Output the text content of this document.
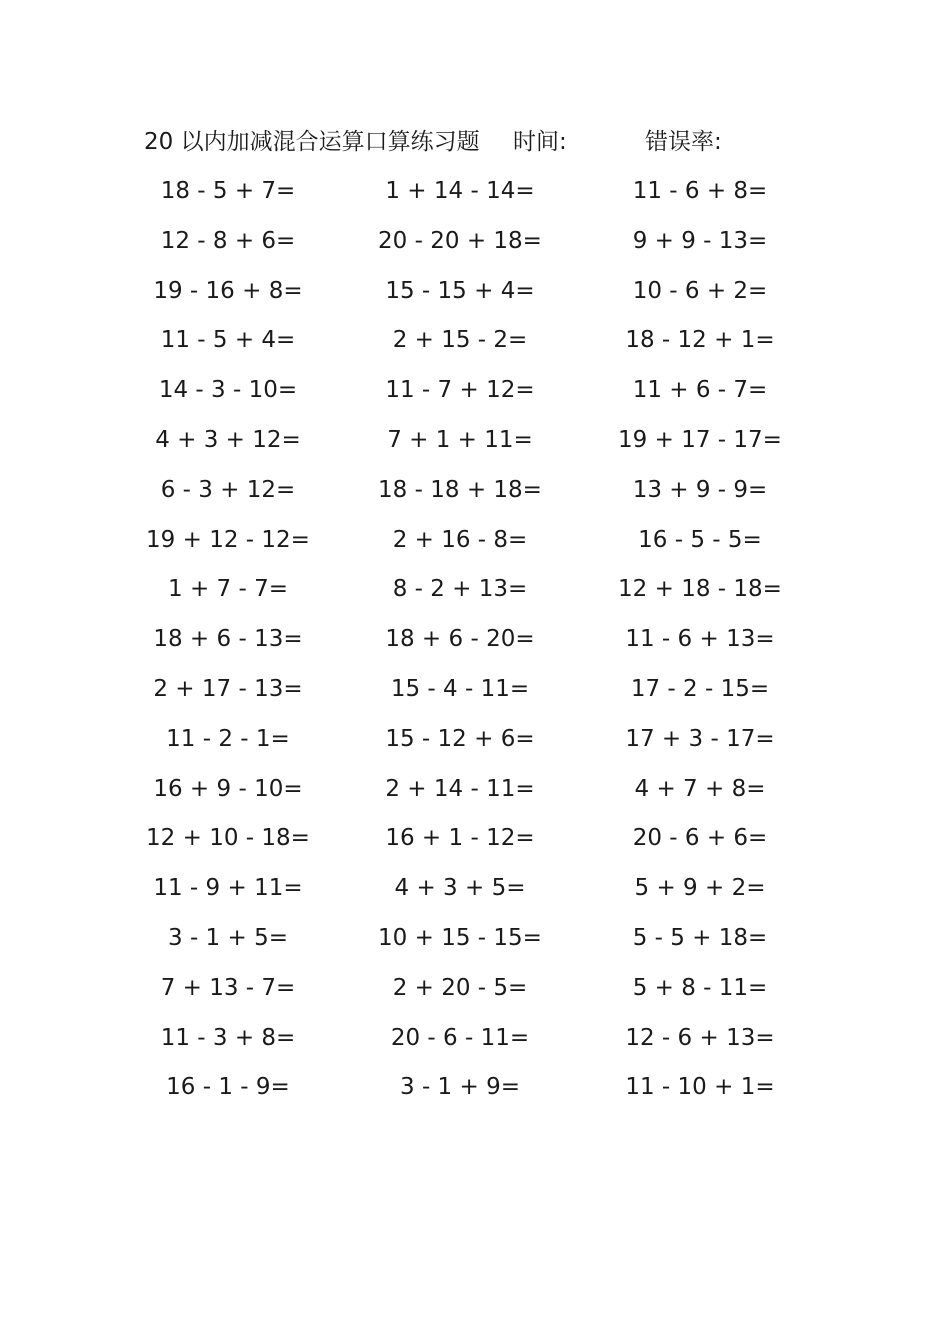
20 以内加减混合运算口算练习题 时间:	错误率:
18 - 5 + 7=	1 + 14 - 14=	11 - 6 + 8=
12 - 8 + 6=	20 - 20 + 18=	9 + 9 - 13=
19 - 16 + 8=	15 - 15 + 4=	10 - 6 + 2=
11 - 5 + 4=	2 + 15 - 2=	18 - 12 + 1=
14 - 3 - 10=	11 - 7 + 12=	11 + 6 - 7=
4 + 3 + 12=	7 + 1 + 11=	19 + 17 - 17=
6 - 3 + 12=	18 - 18 + 18=	13 + 9 - 9=
19 + 12 - 12=	2 + 16 - 8=	16 - 5 - 5=
1 + 7 - 7=	8 - 2 + 13=	12 + 18 - 18=
18 + 6 - 13=	18 + 6 - 20=	11 - 6 + 13=
2 + 17 - 13=	15 - 4 - 11=	17 - 2 - 15=
11 - 2 - 1=	15 - 12 + 6=	17 + 3 - 17=
16 + 9 - 10=	2 + 14 - 11=	4 + 7 + 8=
12 + 10 - 18=	16 + 1 - 12=	20 - 6 + 6=
11 - 9 + 11=	4 + 3 + 5=	5 + 9 + 2=
3 - 1 + 5=	10 + 15 - 15=	5 - 5 + 18=
7 + 13 - 7=	2 + 20 - 5=	5 + 8 - 11=
11 - 3 + 8=	20 - 6 - 11=	12 - 6 + 13=
16 - 1 - 9=	3 - 1 + 9=	11 - 10 + 1=
